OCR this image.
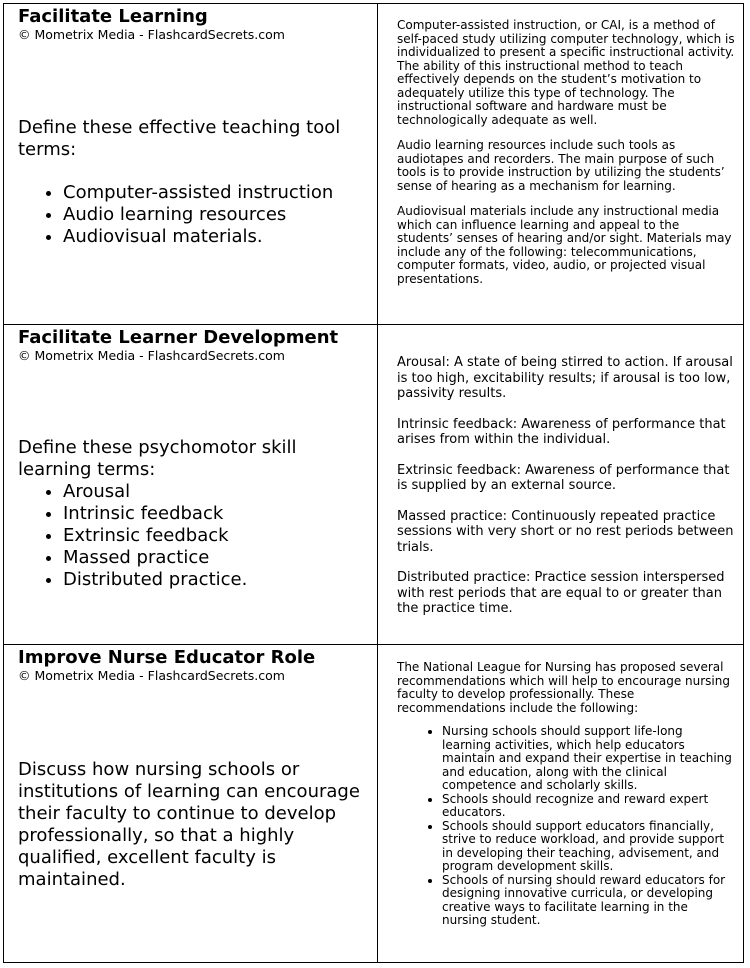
Facilitate Learning
© Mometrix Media - FlashcardSecrets.com

Define these effective teaching tool terms:

• Computer-assisted instruction
• Audio learning resources
• Audiovisual materials.

Computer-assisted instruction, or CAI, is a method of self-paced study utilizing computer technology, which is individualized to present a specific instructional activity. The ability of this instructional method to teach effectively depends on the student’s motivation to adequately utilize this type of technology. The instructional software and hardware must be technologically adequate as well.

Audio learning resources include such tools as audiotapes and recorders. The main purpose of such tools is to provide instruction by utilizing the students’ sense of hearing as a mechanism for learning.

Audiovisual materials include any instructional media which can influence learning and appeal to the students’ senses of hearing and/or sight. Materials may include any of the following: telecommunications, computer formats, video, audio, or projected visual presentations.

Facilitate Learner Development
© Mometrix Media - FlashcardSecrets.com

Define these psychomotor skill learning terms:

• Arousal
• Intrinsic feedback
• Extrinsic feedback
• Massed practice
• Distributed practice.

Arousal: A state of being stirred to action. If arousal is too high, excitability results; if arousal is too low, passivity results.

Intrinsic feedback: Awareness of performance that arises from within the individual.

Extrinsic feedback: Awareness of performance that is supplied by an external source.

Massed practice: Continuously repeated practice sessions with very short or no rest periods between trials.

Distributed practice: Practice session interspersed with rest periods that are equal to or greater than the practice time.

Improve Nurse Educator Role
© Mometrix Media - FlashcardSecrets.com

Discuss how nursing schools or institutions of learning can encourage their faculty to continue to develop professionally, so that a highly qualified, excellent faculty is maintained.

The National League for Nursing has proposed several recommendations which will help to encourage nursing faculty to develop professionally. These recommendations include the following:

• Nursing schools should support life-long learning activities, which help educators maintain and expand their expertise in teaching and education, along with the clinical competence and scholarly skills.
• Schools should recognize and reward expert educators.
• Schools should support educators financially, strive to reduce workload, and provide support in developing their teaching, advisement, and program development skills.
• Schools of nursing should reward educators for designing innovative curricula, or developing creative ways to facilitate learning in the nursing student.
